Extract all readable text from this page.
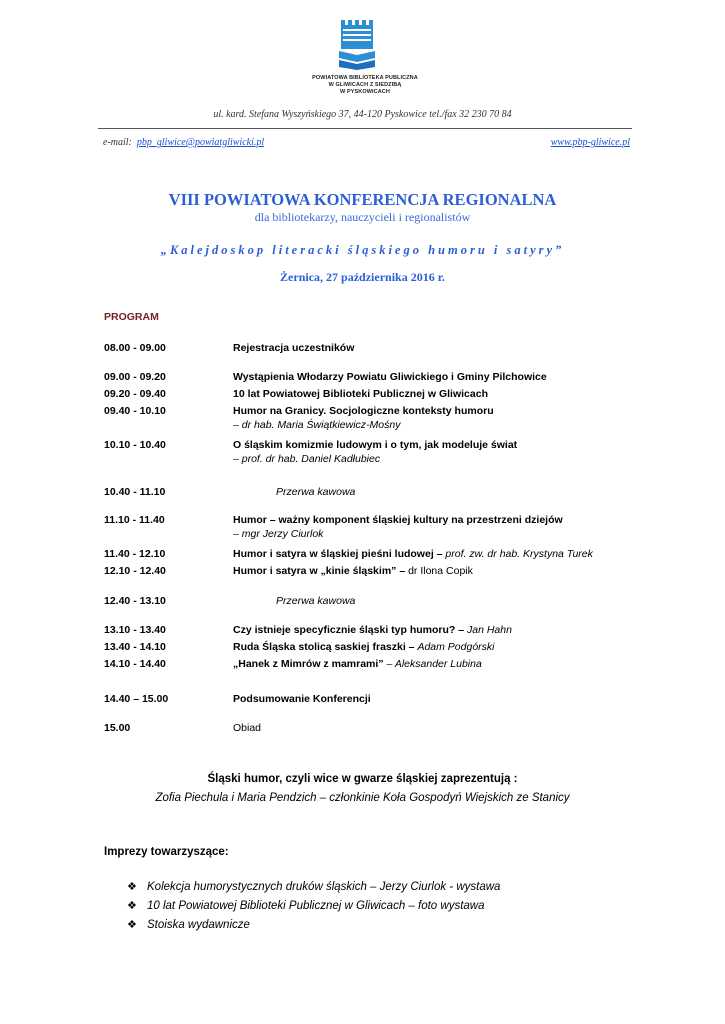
POWIATOWA BIBLIOTEKA PUBLICZNA
W GLIWICACH Z SIEDZIBĄ
W PYSKOWICACH
ul. kard. Stefana Wyszyńskiego 37, 44-120 Pyskowice tel./fax 32 230 70 84
e-mail: pbp_gliwice@powiatgliwicki.pl	www.pbp-gliwice.pl
VIII POWIATOWA KONFERENCJA REGIONALNA
dla bibliotekarzy, nauczycieli i regionalistów
„Kalejdoskop literacki śląskiego humoru i satyry”
Żernica, 27 października 2016 r.
PROGRAM
08.00 - 09.00	Rejestracja uczestników
09.00 - 09.20	Wystąpienia Włodarzy Powiatu Gliwickiego i Gminy Pilchowice
09.20 - 09.40	10 lat Powiatowej Biblioteki Publicznej w Gliwicach
09.40 - 10.10	Humor na Granicy. Socjologiczne konteksty humoru
– dr hab. Maria Świątkiewicz-Mośny
10.10 - 10.40	O śląskim komizmie ludowym i o tym, jak modeluje świat
– prof. dr hab. Daniel Kadłubiec
10.40 - 11.10	Przerwa kawowa
11.10 - 11.40	Humor – ważny komponent śląskiej kultury na przestrzeni dziejów
– mgr Jerzy Ciurlok
11.40 - 12.10	Humor i satyra w śląskiej pieśni ludowej – prof. zw. dr hab. Krystyna Turek
12.10 - 12.40	Humor i satyra w „kinie śląskim” – dr Ilona Copik
12.40 - 13.10	Przerwa kawowa
13.10 - 13.40	Czy istnieje specyficznie śląski typ humoru? – Jan Hahn
13.40 - 14.10	Ruda Śląska stolicą saskiej fraszki – Adam Podgórski
14.10 - 14.40	„Hanek z Mimrów z mamrami” – Aleksander Lubina
14.40 – 15.00	Podsumowanie Konferencji
15.00	Obiad
Śląski humor, czyli wice w gwarze śląskiej zaprezentują :
Zofia Piechula i Maria Pendzich – członkinie Koła Gospodyń Wiejskich ze Stanicy
Imprezy towarzyszące:
❖ Kolekcja humorystycznych druków śląskich – Jerzy Ciurlok - wystawa
❖ 10 lat Powiatowej Biblioteki Publicznej w Gliwicach – foto wystawa
❖ Stoiska wydawnicze
